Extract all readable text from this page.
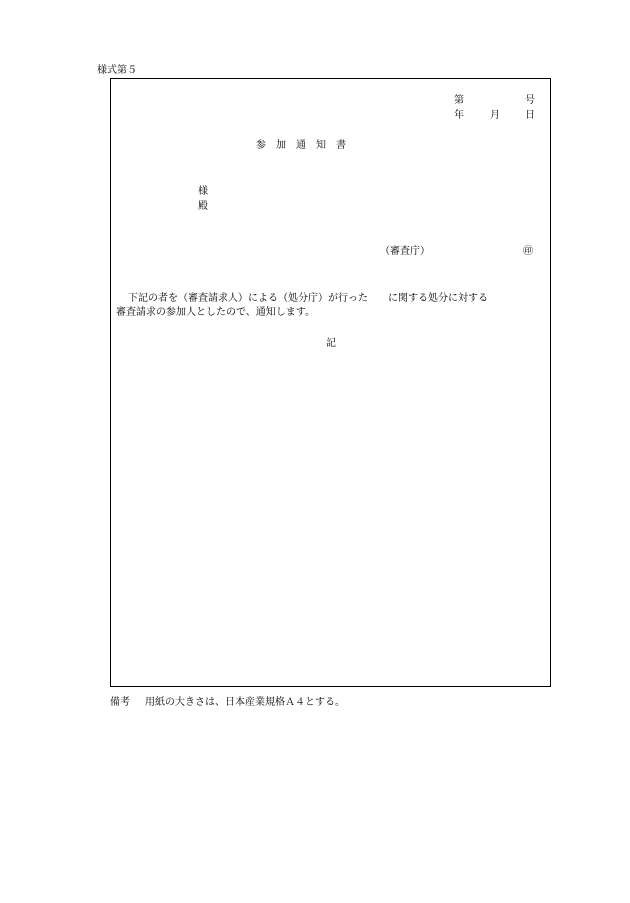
様式第５
第	号
年	月	日
参　加　通　知　書
様
殿
（審査庁）	㊞
下記の者を（審査請求人）による（処分庁）が行った　　に関する処分に対する
審査請求の参加人としたので、通知します。
記
備考 用紙の大きさは、日本産業規格Ａ４とする。
